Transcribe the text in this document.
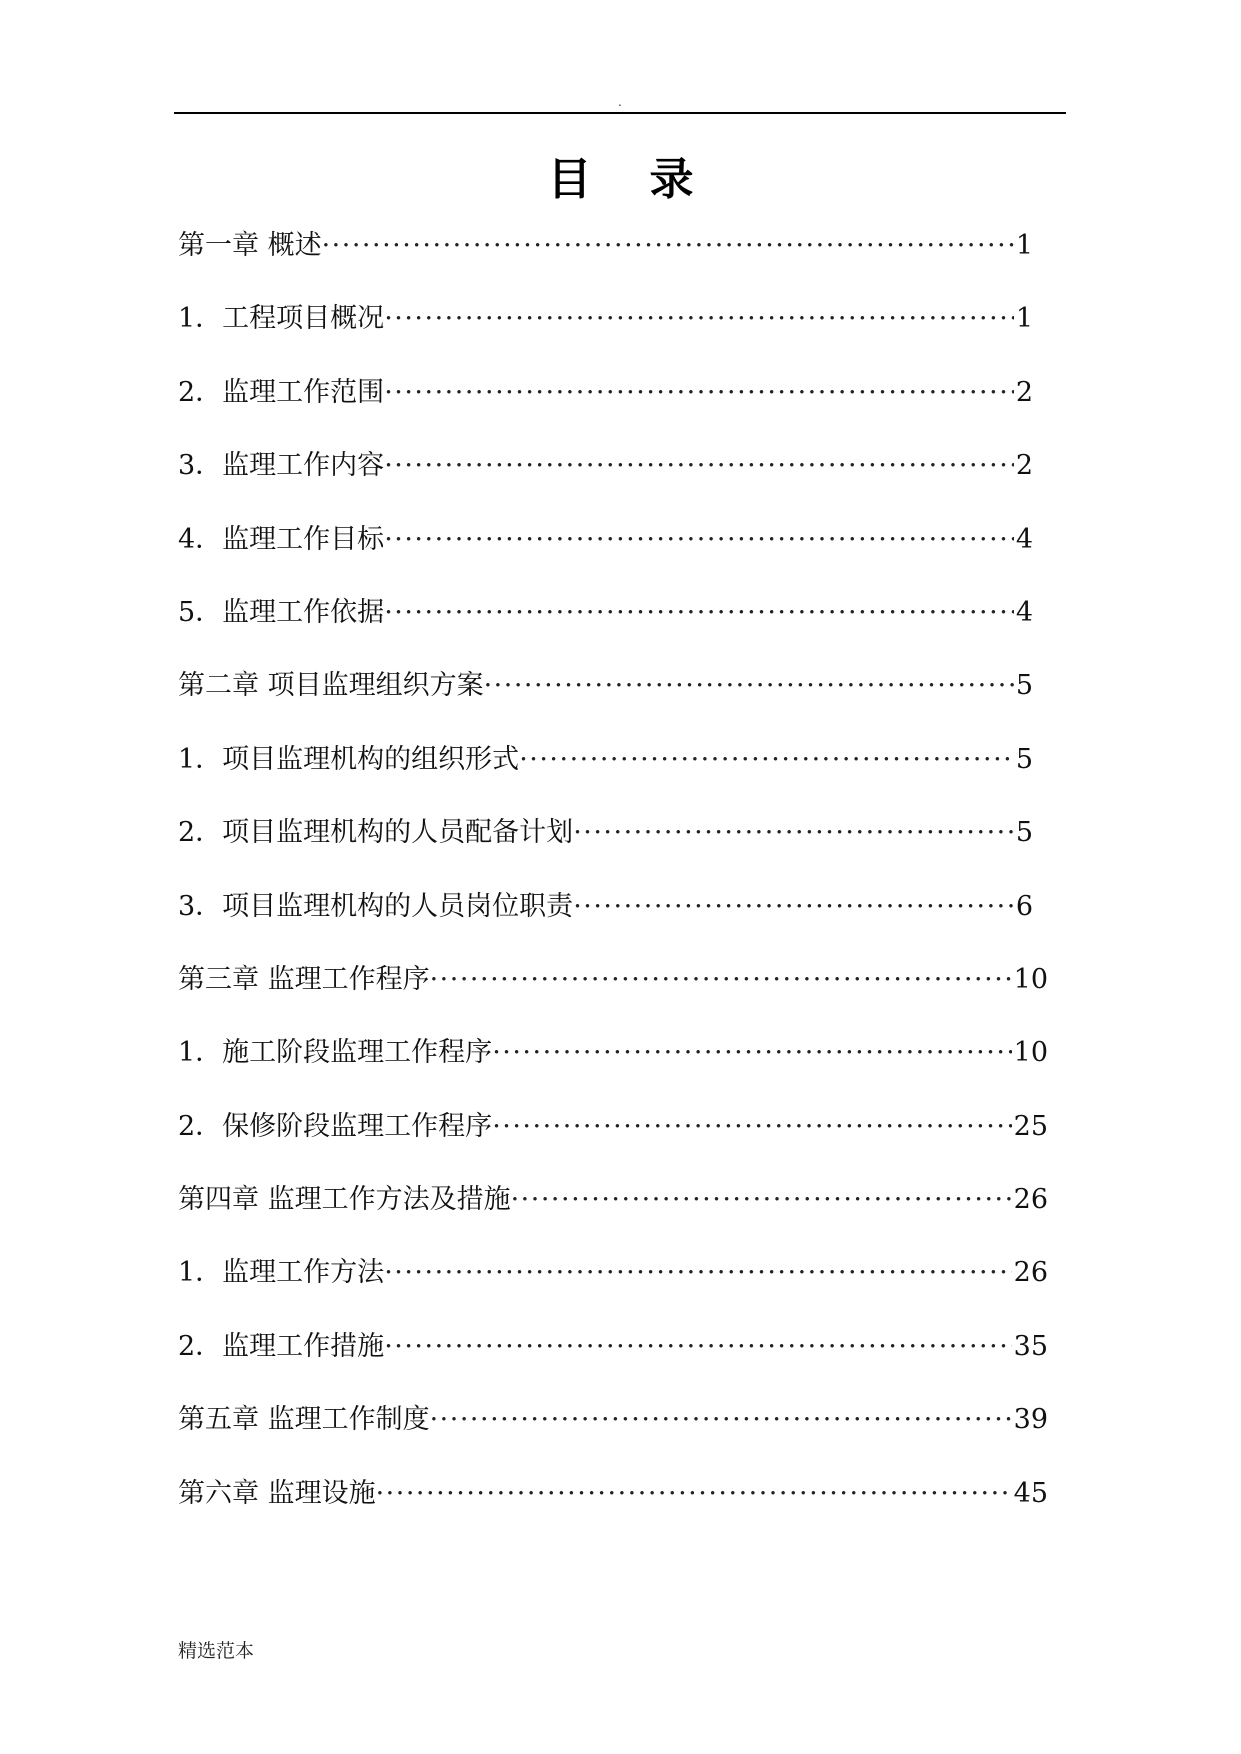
.
目录
第一章 概述 ·····	1
1．工程项目概况 ·····	1
2．监理工作范围 ·····	2
3．监理工作内容 ·····	2
4．监理工作目标 ·····	4
5．监理工作依据 ·····	4
第二章 项目监理组织方案 ·····	5
1．项目监理机构的组织形式 ·····	5
2．项目监理机构的人员配备计划 ·····	5
3．项目监理机构的人员岗位职责 ·····	6
第三章 监理工作程序 ·····	10
1．施工阶段监理工作程序 ·····	10
2．保修阶段监理工作程序 ·····	25
第四章 监理工作方法及措施 ·····	26
1．监理工作方法 ·····	26
2．监理工作措施 ·····	35
第五章 监理工作制度 ·····	39
第六章 监理设施 ·····	45
精选范本
